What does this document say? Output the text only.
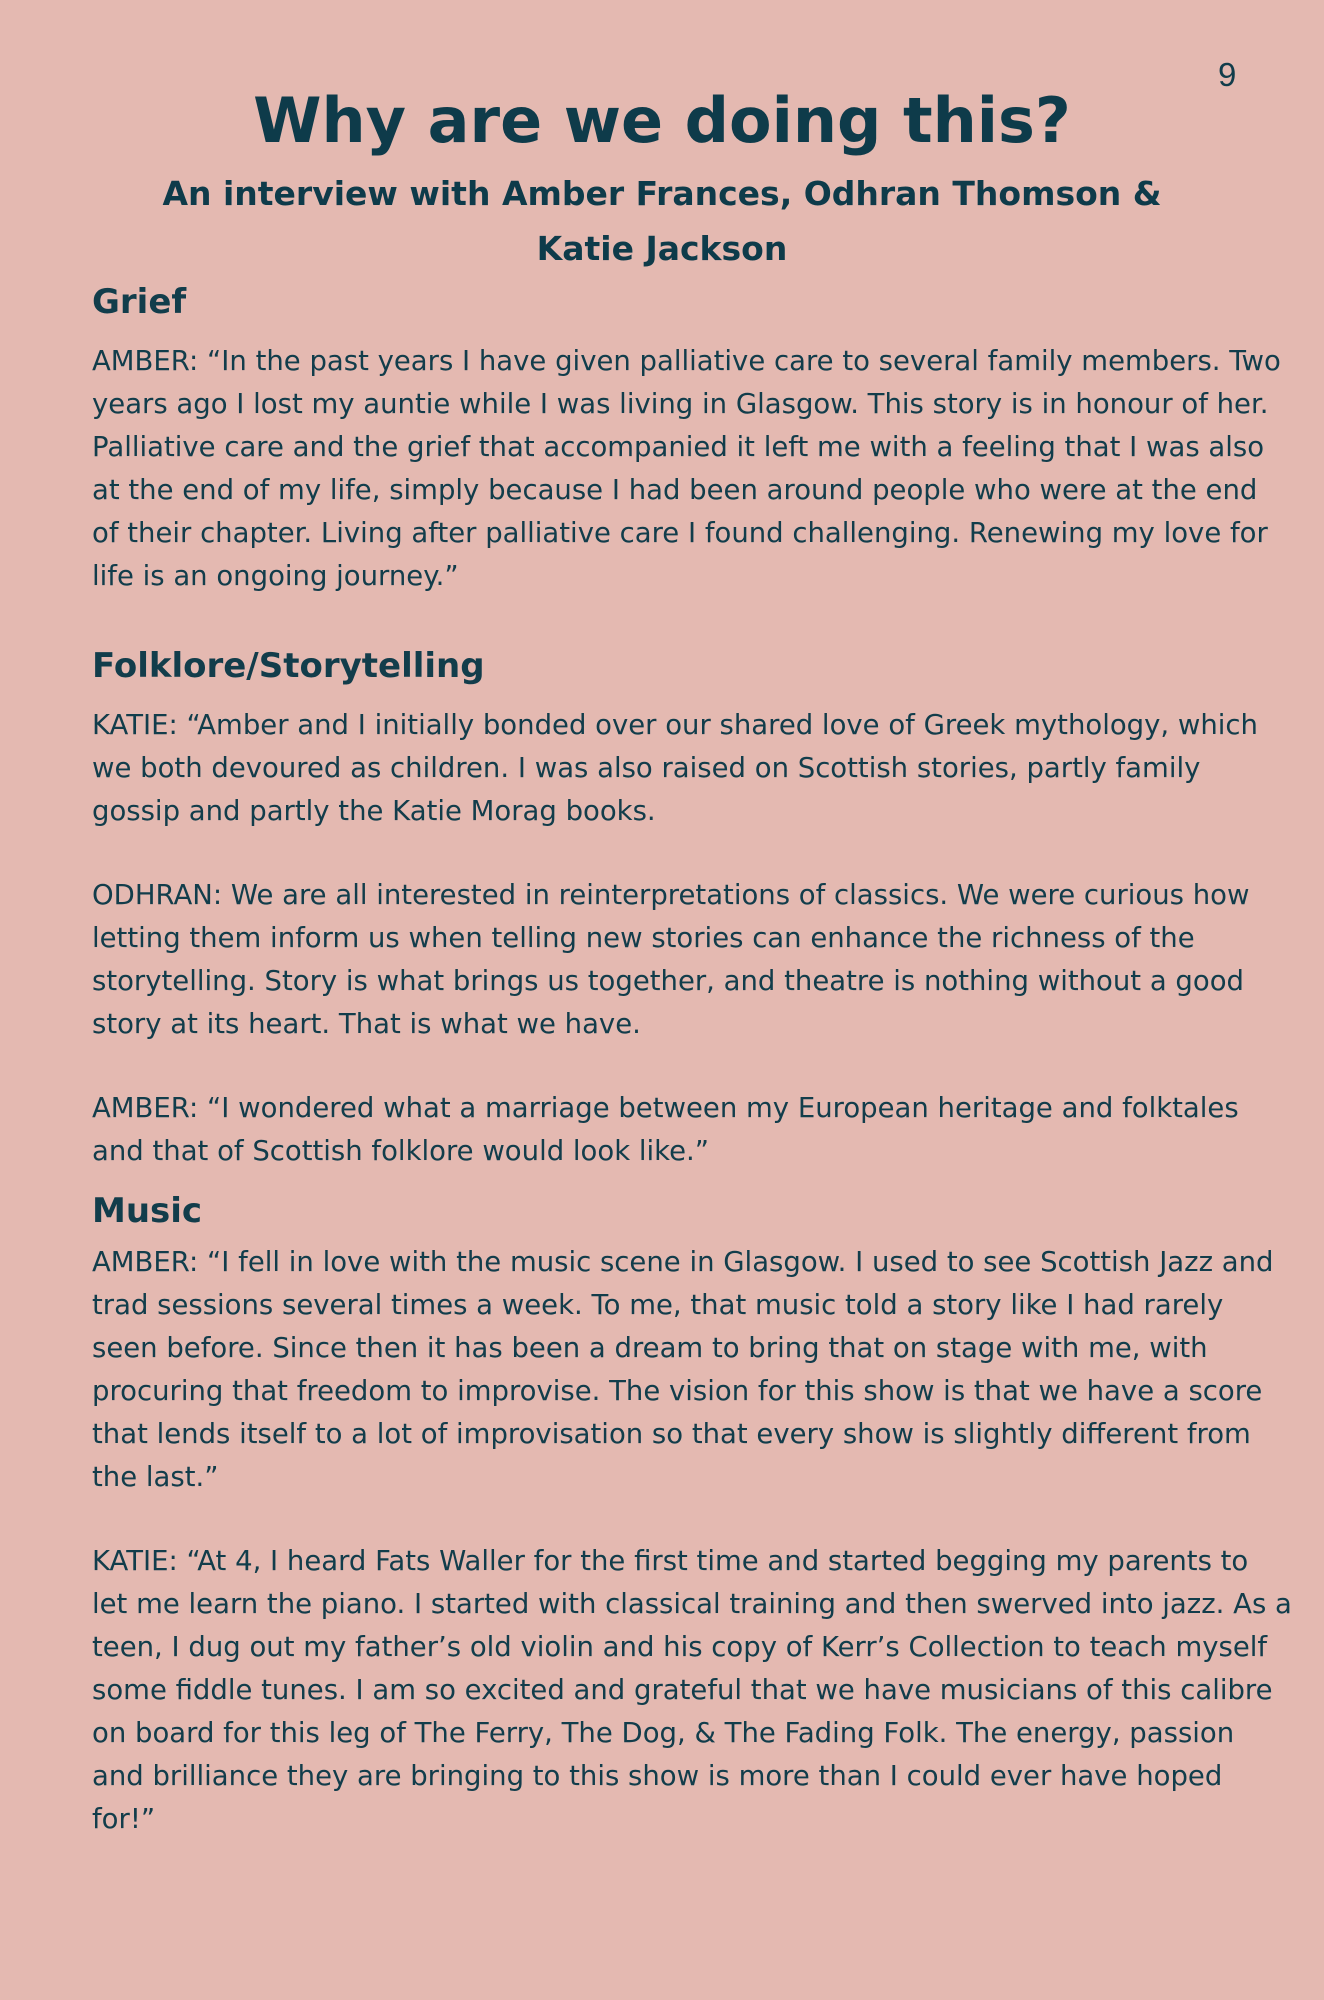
9
Why are we doing this?
An interview with Amber Frances, Odhran Thomson & Katie Jackson
Grief

AMBER: “In the past years I have given palliative care to several family members. Two years ago I lost my auntie while I was living in Glasgow. This story is in honour of her. Palliative care and the grief that accompanied it left me with a feeling that I was also at the end of my life, simply because I had been around people who were at the end of their chapter. Living after palliative care I found challenging. Renewing my love for life is an ongoing journey.”

Folklore/Storytelling

KATIE: “Amber and I initially bonded over our shared love of Greek mythology, which we both devoured as children. I was also raised on Scottish stories, partly family gossip and partly the Katie Morag books.

ODHRAN: We are all interested in reinterpretations of classics. We were curious how letting them inform us when telling new stories can enhance the richness of the storytelling. Story is what brings us together, and theatre is nothing without a good story at its heart. That is what we have.

AMBER: “I wondered what a marriage between my European heritage and folktales and that of Scottish folklore would look like.”

Music

AMBER: “I fell in love with the music scene in Glasgow. I used to see Scottish Jazz and trad sessions several times a week. To me, that music told a story like I had rarely seen before. Since then it has been a dream to bring that on stage with me, with procuring that freedom to improvise. The vision for this show is that we have a score that lends itself to a lot of improvisation so that every show is slightly different from the last.”

KATIE: “At 4, I heard Fats Waller for the first time and started begging my parents to let me learn the piano. I started with classical training and then swerved into jazz. As a teen, I dug out my father’s old violin and his copy of Kerr’s Collection to teach myself some fiddle tunes. I am so excited and grateful that we have musicians of this calibre on board for this leg of The Ferry, The Dog, & The Fading Folk. The energy, passion and brilliance they are bringing to this show is more than I could ever have hoped for!”
